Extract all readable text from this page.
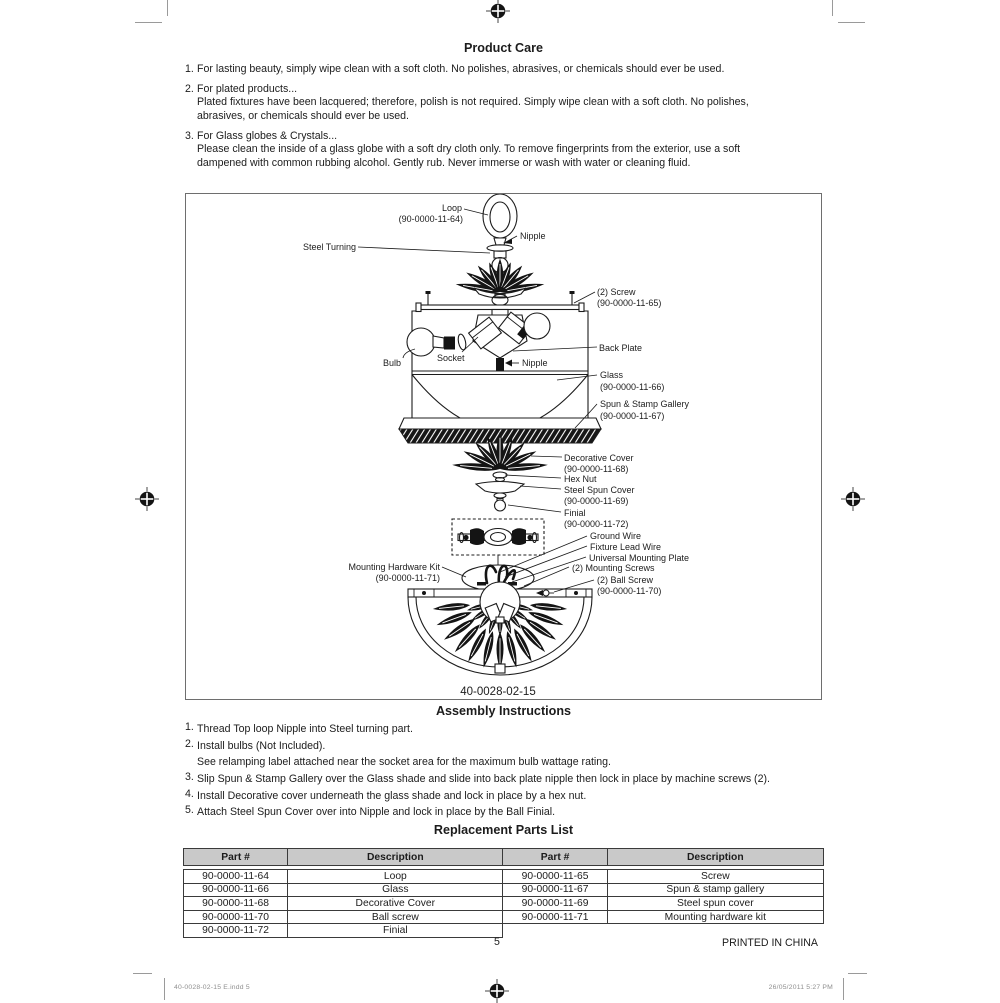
Product Care
1. For lasting beauty, simply wipe clean with a soft cloth. No polishes, abrasives, or chemicals should ever be used.
2. For plated products...
Plated fixtures have been lacquered; therefore, polish is not required. Simply wipe clean with a soft cloth. No polishes,
abrasives, or chemicals should ever be used.
3. For Glass globes & Crystals...
Please clean the inside of a glass globe with a soft dry cloth only. To remove fingerprints from the exterior, use a soft
dampened with common rubbing alcohol. Gently rub. Never immerse or wash with water or cleaning fluid.
Loop
(90-0000-11-64)
Nipple
Steel Turning
(2) Screw
(90-0000-11-65)
Back Plate
Bulb	Socket	Nipple
Glass
(90-0000-11-66)
Spun & Stamp Gallery
(90-0000-11-67)
Decorative Cover
(90-0000-11-68)
Hex Nut
Steel Spun Cover
(90-0000-11-69)
Finial
(90-0000-11-72)
Ground Wire
Fixture Lead Wire
Universal Mounting Plate
(2) Mounting Screws
(2) Ball Screw
(90-0000-11-70)
Mounting Hardware Kit
(90-0000-11-71)
40-0028-02-15
Assembly Instructions
1. Thread Top loop Nipple into Steel turning part.
2. Install bulbs (Not Included).
See relamping label attached near the socket area for the maximum bulb wattage rating.
3. Slip Spun & Stamp Gallery over the Glass shade and slide into back plate nipple then lock in place by machine screws (2).
4. Install Decorative cover underneath the glass shade and lock in place by a hex nut.
5. Attach Steel Spun Cover over into Nipple and lock in place by the Ball Finial.
Replacement Parts List
Part #	Description	Part #	Description
90-0000-11-64	Loop	90-0000-11-65	Screw
90-0000-11-66	Glass	90-0000-11-67	Spun & stamp gallery
90-0000-11-68	Decorative Cover	90-0000-11-69	Steel spun cover
90-0000-11-70	Ball screw	90-0000-11-71	Mounting hardware kit
90-0000-11-72	Finial		
5	PRINTED IN CHINA
40-0028-02-15 E.indd 5	26/05/2011 5:27 PM
